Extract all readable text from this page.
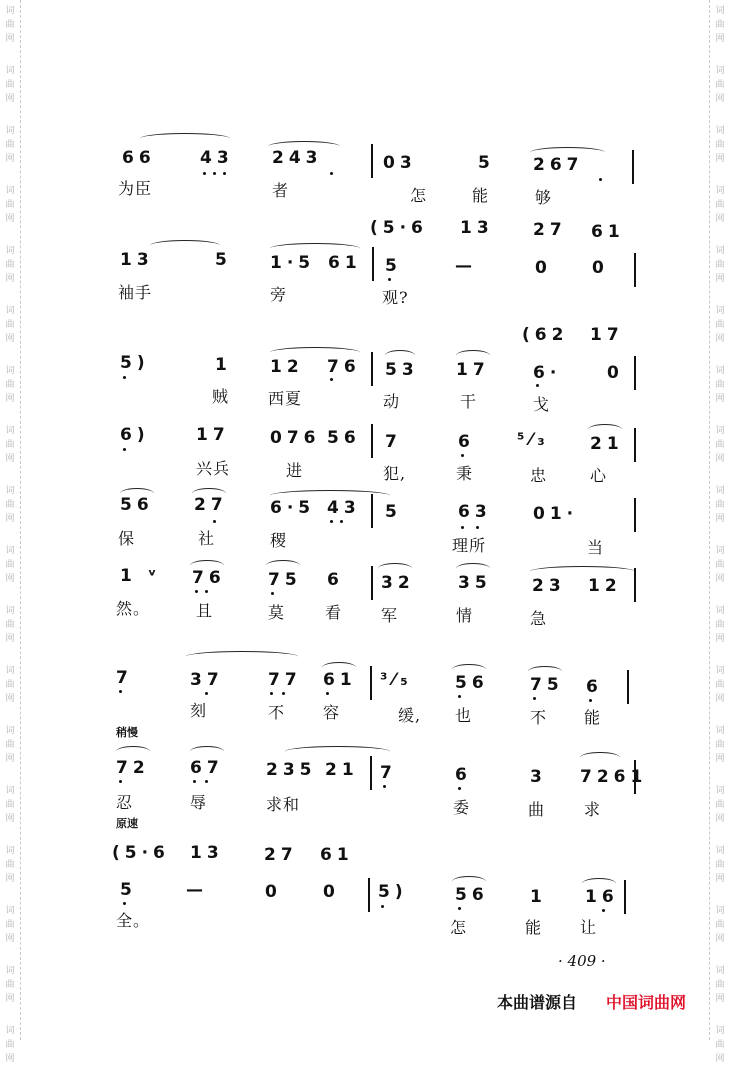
词
曲
网
词
曲
网
词
曲
网
词
曲
网
词
曲
网
词
曲
网
词
曲
网
词
曲
网
词
曲
网
词
曲
网
词
曲
网
词
曲
网
词
曲
网
词
曲
网
词
曲
网
词
曲
网
词
曲
网
词
曲
网
词
曲
网
词
曲
网
词
曲
网
词
曲
网
词
曲
网
词
曲
网
词
曲
网
词
曲
网
词
曲
网
词
曲
网
词
曲
网
词
曲
网
词
曲
网
词
曲
网
词
曲
网
词
曲
网
词
曲
网
词
曲
网
66	43 243	03	5 267
为臣	者	怎	能	够
(5·6 13 27 61
13	5 1·5 61 5	—	0 0
袖手	旁	观?
(62 17
5)	1 12 76 53 17	6·	0
贼 西夏	动	干	戈
6)	17 076 56 7	6 ⁵⁄₃ 21
兴兵	进	犯,	秉	忠	心
56 27 6·5 43 5	63 01·
保	社	稷	理所	当
1 ᵛ 76 75 6 32	35 23 12
然。	且	莫 看 军	情	急
7	37	77 61 ³⁄₅ 56 75 6
刻	不 容	缓, 也	不 能
稍慢
72 67 235 21 7	6	3 7261
忍	辱	求和	委	曲 求
原速
(5·6 13 27 61
5	—	0 0 5)	56 1 16
全。	怎	能 让
· 409 ·
本曲谱源自 中国词曲网
